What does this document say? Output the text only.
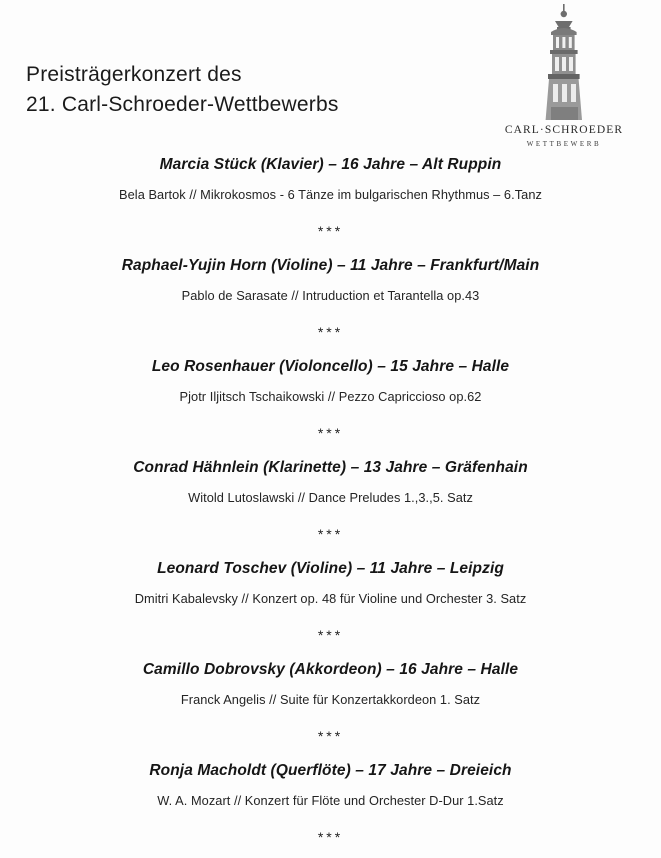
Preisträgerkonzert des
21. Carl-Schroeder-Wettbewerbs
CARL·SCHROEDER
WETTBEWERB
Marcia Stück (Klavier) – 16 Jahre – Alt Ruppin
Bela Bartok // Mikrokosmos - 6 Tänze im bulgarischen Rhythmus – 6.Tanz
***
Raphael-Yujin Horn (Violine) – 11 Jahre – Frankfurt/Main
Pablo de Sarasate // Intruduction et Tarantella op.43
***
Leo Rosenhauer (Violoncello) – 15 Jahre – Halle
Pjotr Iljitsch Tschaikowski // Pezzo Capriccioso op.62
***
Conrad Hähnlein (Klarinette) – 13 Jahre – Gräfenhain
Witold Lutoslawski // Dance Preludes 1.,3.,5. Satz
***
Leonard Toschev (Violine) – 11 Jahre – Leipzig
Dmitri Kabalevsky // Konzert op. 48 für Violine und Orchester 3. Satz
***
Camillo Dobrovsky (Akkordeon) – 16 Jahre – Halle
Franck Angelis // Suite für Konzertakkordeon 1. Satz
***
Ronja Macholdt (Querflöte) – 17 Jahre – Dreieich
W. A. Mozart // Konzert für Flöte und Orchester D-Dur 1.Satz
***
